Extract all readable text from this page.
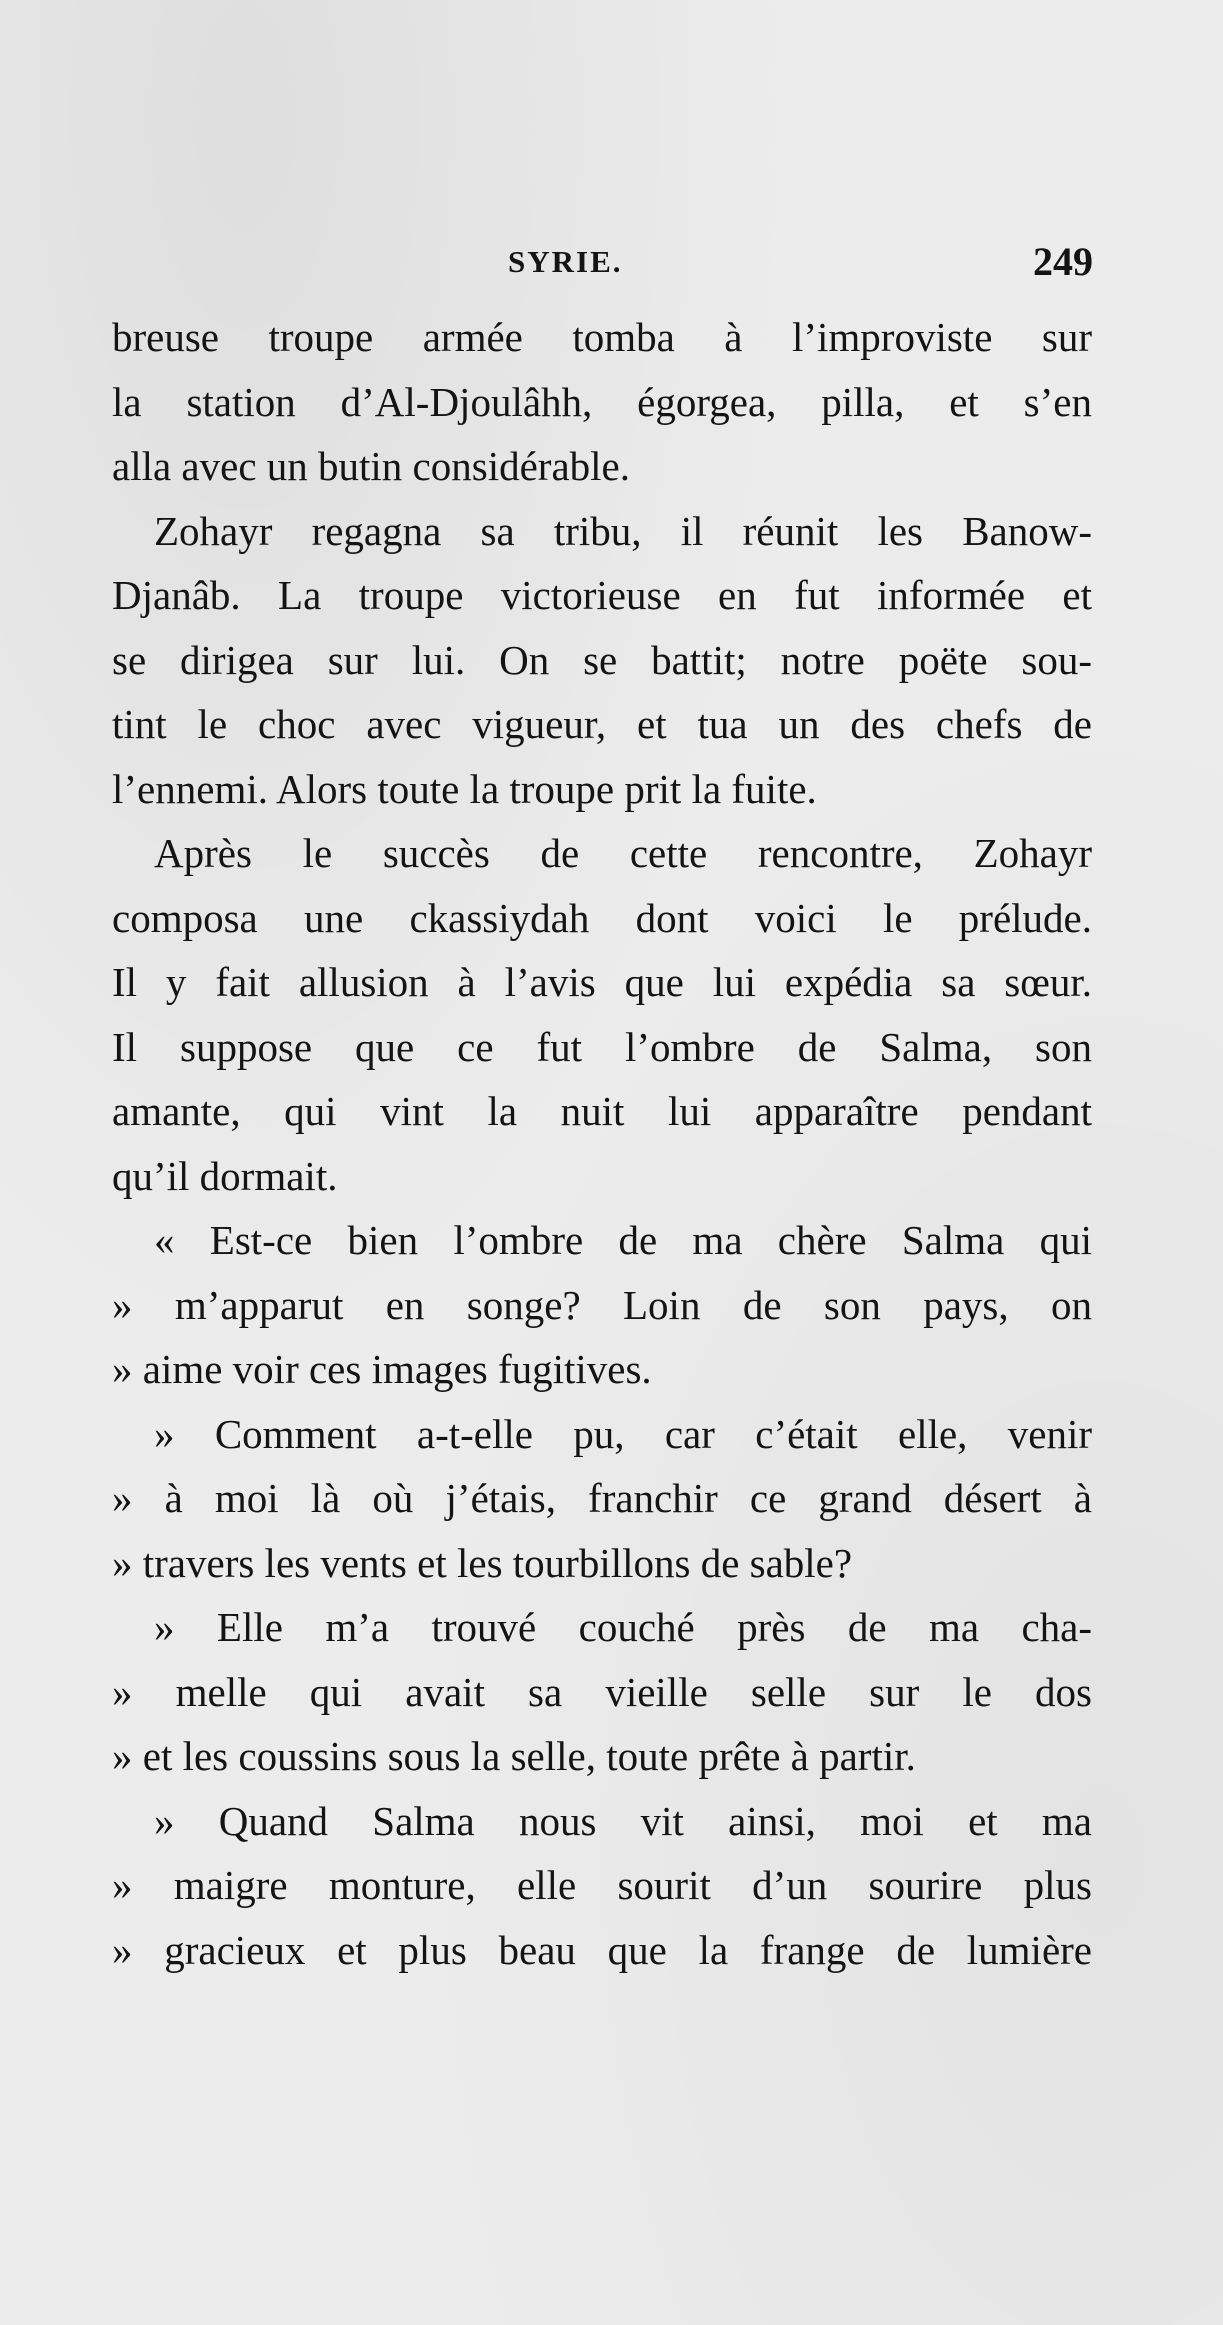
SYRIE.	249
breuse troupe armée tomba à l’improviste sur
la station d’Al-Djoulâhh, égorgea, pilla, et s’en
alla avec un butin considérable.
Zohayr regagna sa tribu, il réunit les Banow-
Djanâb. La troupe victorieuse en fut informée et
se dirigea sur lui. On se battit; notre poëte sou-
tint le choc avec vigueur, et tua un des chefs de
l’ennemi. Alors toute la troupe prit la fuite.
Après le succès de cette rencontre, Zohayr
composa une ckassiydah dont voici le prélude.
Il y fait allusion à l’avis que lui expédia sa sœur.
Il suppose que ce fut l’ombre de Salma, son
amante, qui vint la nuit lui apparaître pendant
qu’il dormait.
« Est-ce bien l’ombre de ma chère Salma qui
» m’apparut en songe? Loin de son pays, on
» aime voir ces images fugitives.
» Comment a-t-elle pu, car c’était elle, venir
» à moi là où j’étais, franchir ce grand désert à
» travers les vents et les tourbillons de sable?
» Elle m’a trouvé couché près de ma cha-
» melle qui avait sa vieille selle sur le dos
» et les coussins sous la selle, toute prête à partir.
» Quand Salma nous vit ainsi, moi et ma
» maigre monture, elle sourit d’un sourire plus
» gracieux et plus beau que la frange de lumière
